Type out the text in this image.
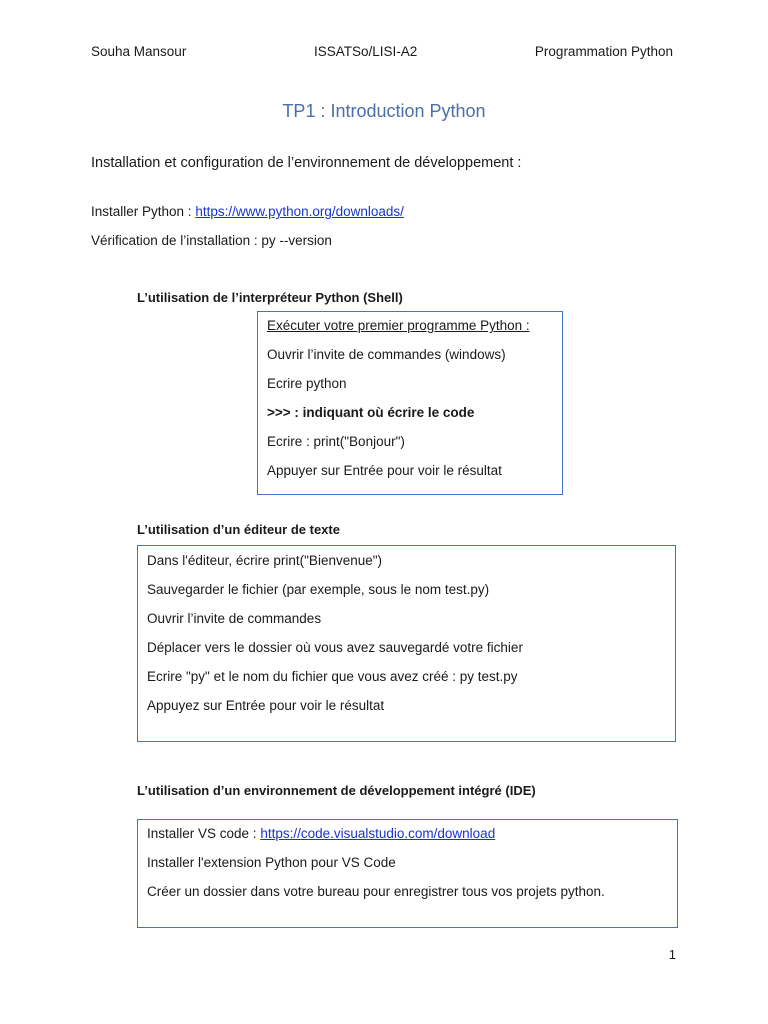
Souha Mansour	ISSATSo/LISI-A2	Programmation Python
TP1 : Introduction Python
Installation et configuration de l’environnement de développement :
Installer Python : https://www.python.org/downloads/
Vérification de l’installation : py --version
L’utilisation de l’interpréteur Python (Shell)
Exécuter votre premier programme Python :
Ouvrir l’invite de commandes (windows)
Ecrire python
>>> : indiquant où écrire le code
Ecrire : print("Bonjour")
Appuyer sur Entrée pour voir le résultat
L’utilisation d’un éditeur de texte
Dans l'éditeur, écrire print("Bienvenue")
Sauvegarder le fichier (par exemple, sous le nom test.py)
Ouvrir l’invite de commandes
Déplacer vers le dossier où vous avez sauvegardé votre fichier
Ecrire "py" et le nom du fichier que vous avez créé : py test.py
Appuyez sur Entrée pour voir le résultat
L’utilisation d’un environnement de développement intégré (IDE)
Installer VS code : https://code.visualstudio.com/download
Installer l'extension Python pour VS Code
Créer un dossier dans votre bureau pour enregistrer tous vos projets python.
1
